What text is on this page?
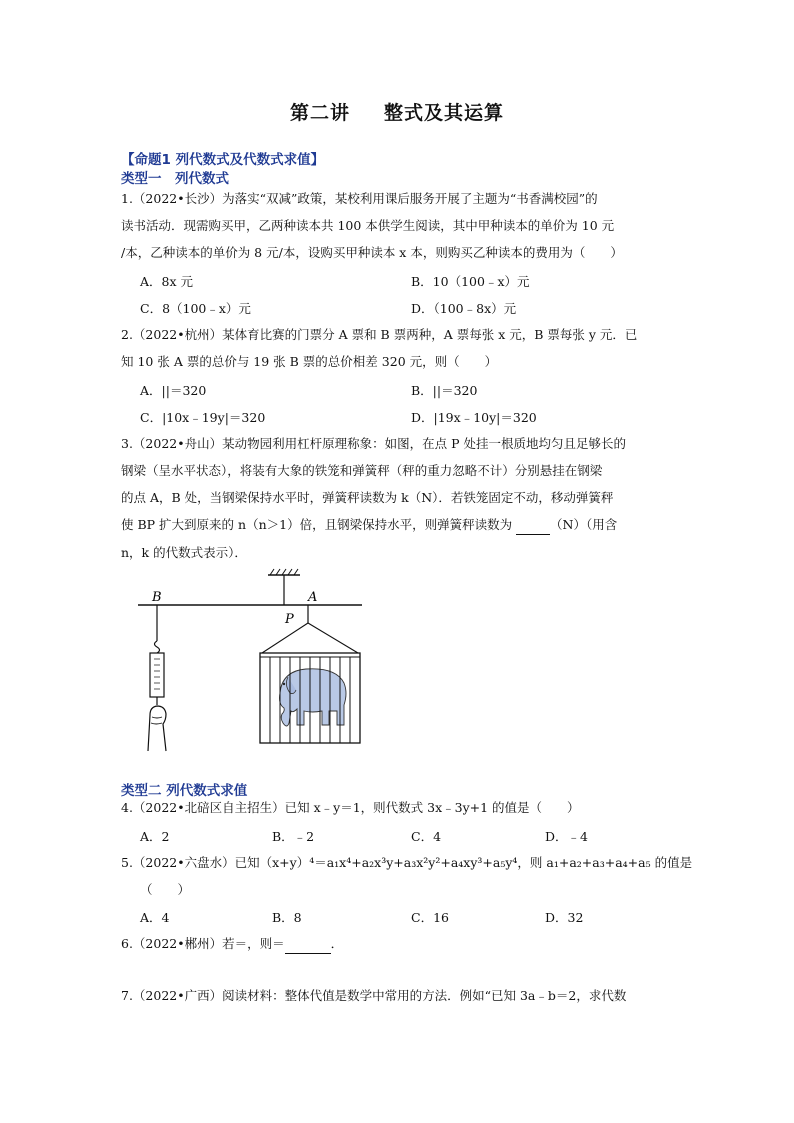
第二讲 整式及其运算
【命题1 列代数式及代数式求值】
类型一　列代数式
1.（2022•长沙）为落实“双减”政策，某校利用课后服务开展了主题为“书香满校园”的
读书活动．现需购买甲，乙两种读本共 100 本供学生阅读，其中甲种读本的单价为 10 元
/本，乙种读本的单价为 8 元/本，设购买甲种读本 x 本，则购买乙种读本的费用为（　　）
A．8x 元	B．10（100﹣x）元
C．8（100﹣x）元	D．（100﹣8x）元
2.（2022•杭州）某体育比赛的门票分 A 票和 B 票两种，A 票每张 x 元，B 票每张 y 元．已
知 10 张 A 票的总价与 19 张 B 票的总价相差 320 元，则（　　）
A．||＝320	B．||＝320
C．|10x﹣19y|＝320	D．|19x﹣10y|＝320
3.（2022•舟山）某动物园利用杠杆原理称象：如图，在点 P 处挂一根质地均匀且足够长的
钢梁（呈水平状态），将装有大象的铁笼和弹簧秤（秤的重力忽略不计）分别悬挂在钢梁
的点 A，B 处，当钢梁保持水平时，弹簧秤读数为 k（N）．若铁笼固定不动，移动弹簧秤
使 BP 扩大到原来的 n（n＞1）倍，且钢梁保持水平，则弹簧秤读数为	（N）（用含
n，k 的代数式表示）．
B	A
P
类型二 列代数式求值
4.（2022•北碚区自主招生）已知 x﹣y＝1，则代数式 3x﹣3y+1 的值是（　　）
A．2	B．﹣2	C．4	D．﹣4
5.（2022•六盘水）已知（x+y）⁴＝a₁x⁴+a₂x³y+a₃x²y²+a₄xy³+a₅y⁴，则 a₁+a₂+a₃+a₄+a₅ 的值是
（　　）
A．4	B．8	C．16	D．32
6.（2022•郴州）若＝，则＝	．
7.（2022•广西）阅读材料：整体代值是数学中常用的方法．例如“已知 3a﹣b＝2，求代数
